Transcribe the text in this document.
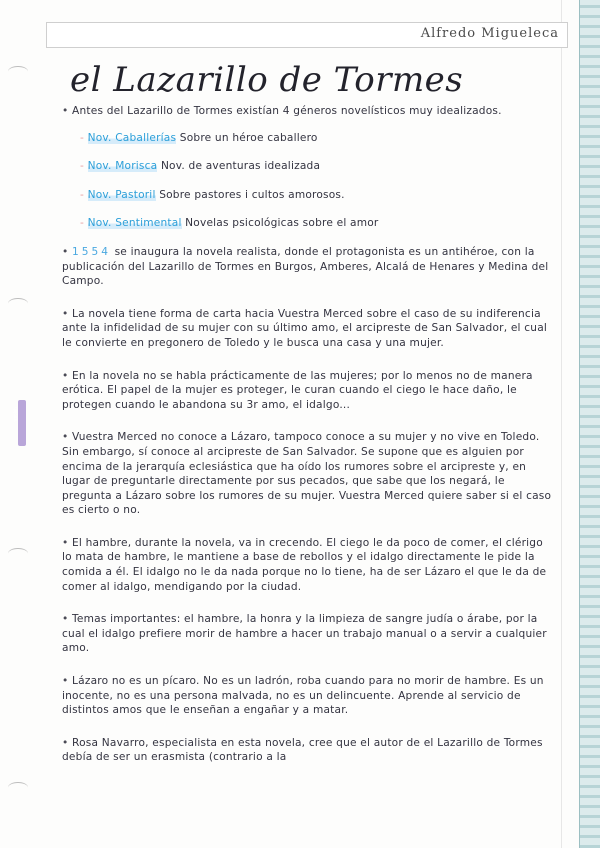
wuolah
Alfredo Migueleca
el Lazarillo de Tormes

• Antes del Lazarillo de Tormes existían 4 géneros novelísticos muy idealizados.

- Nov. Caballerías Sobre un héroe caballero

- Nov. Morisca Nov. de aventuras idealizada

- Nov. Pastoril Sobre pastores i cultos amorosos.

- Nov. Sentimental Novelas psicológicas sobre el amor

• 1554 se inaugura la novela realista, donde el protagonista es un antihéroe, con la publicación del Lazarillo de Tormes en Burgos, Amberes, Alcalá de Henares y Medina del Campo.

• La novela tiene forma de carta hacia Vuestra Merced sobre el caso de su indiferencia ante la infidelidad de su mujer con su último amo, el arcipreste de San Salvador, el cual le convierte en pregonero de Toledo y le busca una casa y una mujer.

• En la novela no se habla prácticamente de las mujeres; por lo menos no de manera erótica. El papel de la mujer es proteger, le curan cuando el ciego le hace daño, le protegen cuando le abandona su 3r amo, el idalgo...

• Vuestra Merced no conoce a Lázaro, tampoco conoce a su mujer y no vive en Toledo. Sin embargo, sí conoce al arcipreste de San Salvador. Se supone que es alguien por encima de la jerarquía eclesiástica que ha oído los rumores sobre el arcipreste y, en lugar de preguntarle directamente por sus pecados, que sabe que los negará, le pregunta a Lázaro sobre los rumores de su mujer. Vuestra Merced quiere saber si el caso es cierto o no.

• El hambre, durante la novela, va in crecendo. El ciego le da poco de comer, el clérigo lo mata de hambre, le mantiene a base de rebollos y el idalgo directamente le pide la comida a él. El idalgo no le da nada porque no lo tiene, ha de ser Lázaro el que le da de comer al idalgo, mendigando por la ciudad.

• Temas importantes: el hambre, la honra y la limpieza de sangre judía o árabe, por la cual el idalgo prefiere morir de hambre a hacer un trabajo manual o a servir a cualquier amo.

• Lázaro no es un pícaro. No es un ladrón, roba cuando para no morir de hambre. Es un inocente, no es una persona malvada, no es un delincuente. Aprende al servicio de distintos amos que le enseñan a engañar y a matar.

• Rosa Navarro, especialista en esta novela, cree que el autor de el Lazarillo de Tormes debía de ser un erasmista (contrario a la
